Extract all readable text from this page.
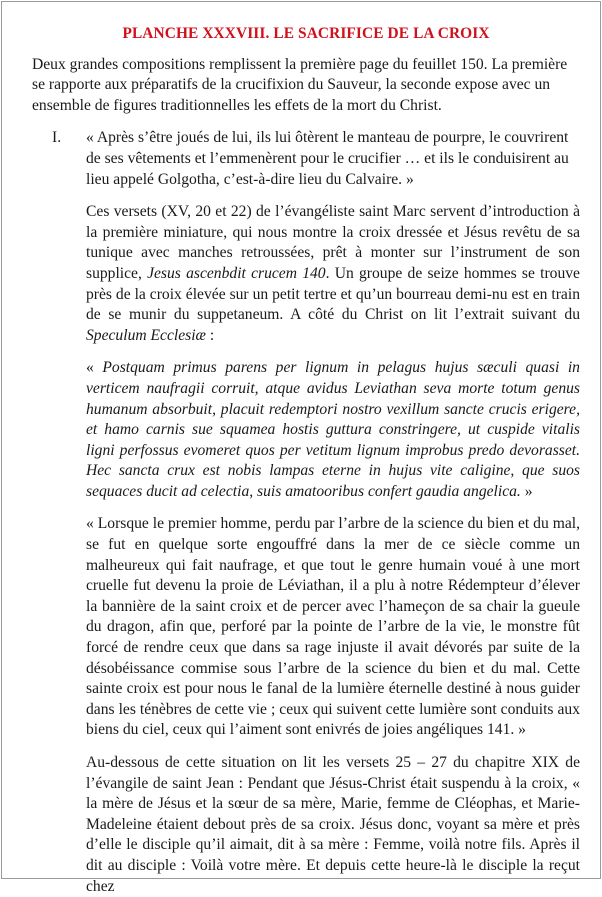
PLANCHE XXXVIII. LE SACRIFICE DE LA CROIX

Deux grandes compositions remplissent la première page du feuillet 150. La première se rapporte aux préparatifs de la crucifixion du Sauveur, la seconde expose avec un ensemble de figures traditionnelles les effets de la mort du Christ.

I. « Après s’être joués de lui, ils lui ôtèrent le manteau de pourpre, le couvrirent de ses vêtements et l’emmenèrent pour le crucifier … et ils le conduisirent au lieu appelé Golgotha, c’est-à-dire lieu du Calvaire. »

Ces versets (XV, 20 et 22) de l’évangéliste saint Marc servent d’introduction à la première miniature, qui nous montre la croix dressée et Jésus revêtu de sa tunique avec manches retroussées, prêt à monter sur l’instrument de son supplice, Jesus ascenbdit crucem 140. Un groupe de seize hommes se trouve près de la croix élevée sur un petit tertre et qu’un bourreau demi-nu est en train de se munir du suppetaneum. A côté du Christ on lit l’extrait suivant du Speculum Ecclesiæ :

« Postquam primus parens per lignum in pelagus hujus sæculi quasi in verticem naufragii corruit, atque avidus Leviathan seva morte totum genus humanum absorbuit, placuit redemptori nostro vexillum sancte crucis erigere, et hamo carnis sue squamea hostis guttura constringere, ut cuspide vitalis ligni perfossus evomeret quos per vetitum lignum improbus predo devorasset. Hec sancta crux est nobis lampas eterne in hujus vite caligine, que suos sequaces ducit ad celectia, suis amatooribus confert gaudia angelica. »

« Lorsque le premier homme, perdu par l’arbre de la science du bien et du mal, se fut en quelque sorte engouffré dans la mer de ce siècle comme un malheureux qui fait naufrage, et que tout le genre humain voué à une mort cruelle fut devenu la proie de Léviathan, il a plu à notre Rédempteur d’élever la bannière de la saint croix et de percer avec l’hameçon de sa chair la gueule du dragon, afin que, perforé par la pointe de l’arbre de la vie, le monstre fût forcé de rendre ceux que dans sa rage injuste il avait dévorés par suite de la désobéissance commise sous l’arbre de la science du bien et du mal. Cette sainte croix est pour nous le fanal de la lumière éternelle destiné à nous guider dans les ténèbres de cette vie ; ceux qui suivent cette lumière sont conduits aux biens du ciel, ceux qui l’aiment sont enivrés de joies angéliques 141. »

Au-dessous de cette situation on lit les versets 25 – 27 du chapitre XIX de l’évangile de saint Jean : Pendant que Jésus-Christ était suspendu à la croix, « la mère de Jésus et la sœur de sa mère, Marie, femme de Cléophas, et Marie-Madeleine étaient debout près de sa croix. Jésus donc, voyant sa mère et près d’elle le disciple qu’il aimait, dit à sa mère : Femme, voilà notre fils. Après il dit au disciple : Voilà votre mère. Et depuis cette heure-là le disciple la reçut chez
